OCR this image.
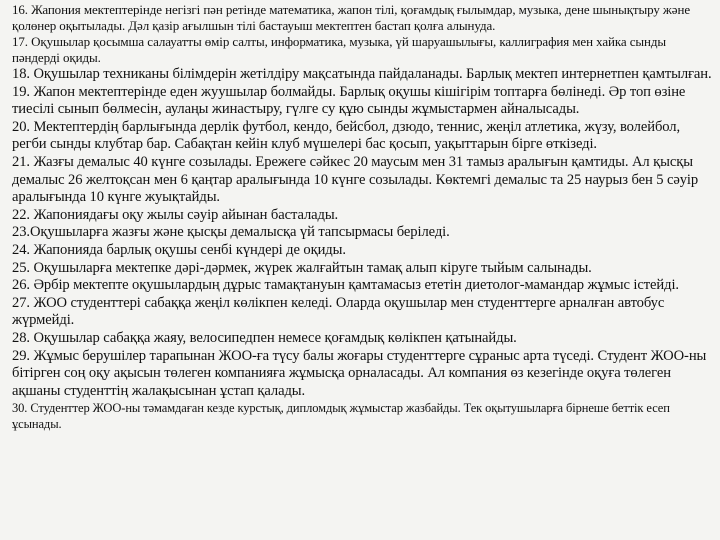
16. Жапония мектептерінде негізгі пән ретінде математика, жапон тілі, қоғамдық ғылымдар, музыка, дене шынықтыру және қолөнер оқытылады. Дәл қазір ағылшын тілі бастауыш мектептен бастап қолға алынуда.

17. Оқушылар қосымша салауатты өмір салты, информатика, музыка, үй шаруашылығы, каллиграфия мен хайка сынды пәндерді оқиды.

18. Оқушылар техниканы білімдерін жетілдіру мақсатында пайдаланады. Барлық мектеп интернетпен қамтылған.

19. Жапон мектептерінде еден жуушылар болмайды. Барлық оқушы кішігірім топтарға бөлінеді. Әр топ өзіне тиесілі сынып бөлмесін, аулаңы жинастыру, гүлге су құю сынды жұмыстармен айналысады.

20. Мектептердің барлығында дерлік футбол, кендо, бейсбол, дзюдо, теннис, жеңіл атлетика, жүзу, волейбол, регби сынды клубтар бар. Сабақтан кейін клуб мүшелері бас қосып, уақыттарын бірге өткізеді.

21. Жазғы демалыс 40 күнге созылады. Ережеге сәйкес 20 маусым мен 31 тамыз аралығын қамтиды. Ал қысқы демалыс 26 желтоқсан мен 6 қаңтар аралығында 10 күнге созылады. Көктемгі демалыс та 25 наурыз бен 5 сәуір аралығында 10 күнге жуықтайды.

22. Жапониядағы оқу жылы сәуір айынан басталады.

23.Оқушыларға жазғы және қысқы демалысқа үй тапсырмасы беріледі.

24. Жапонияда барлық оқушы сенбі күндері де оқиды.

25. Оқушыларға мектепке дәрі-дәрмек, жүрек жалғайтын тамақ алып кіруге тыйым салынады.

26. Әрбір мектепте оқушылардың дұрыс тамақтануын қамтамасыз ететін диетолог-мамандар жұмыс істейді.

27. ЖОО студенттері сабаққа жеңіл көлікпен келеді. Оларда оқушылар мен студенттерге арналған автобус жүрмейді.

28. Оқушылар сабаққа жаяу, велосипедпен немесе қоғамдық көлікпен қатынайды.

29. Жұмыс берушілер тарапынан ЖОО-ға түсу балы жоғары студенттерге сұраныс арта түседі. Студент ЖОО-ны бітірген соң оқу ақысын төлеген компанияға жұмысқа орналасады. Ал компания өз кезегінде оқуға төлеген ақшаны студенттің жалақысынан ұстап қалады.

30. Студенттер ЖОО-ны тәмамдаған кезде курстық, дипломдық жұмыстар жазбайды. Тек оқытушыларға бірнеше беттік есеп ұсынады.
